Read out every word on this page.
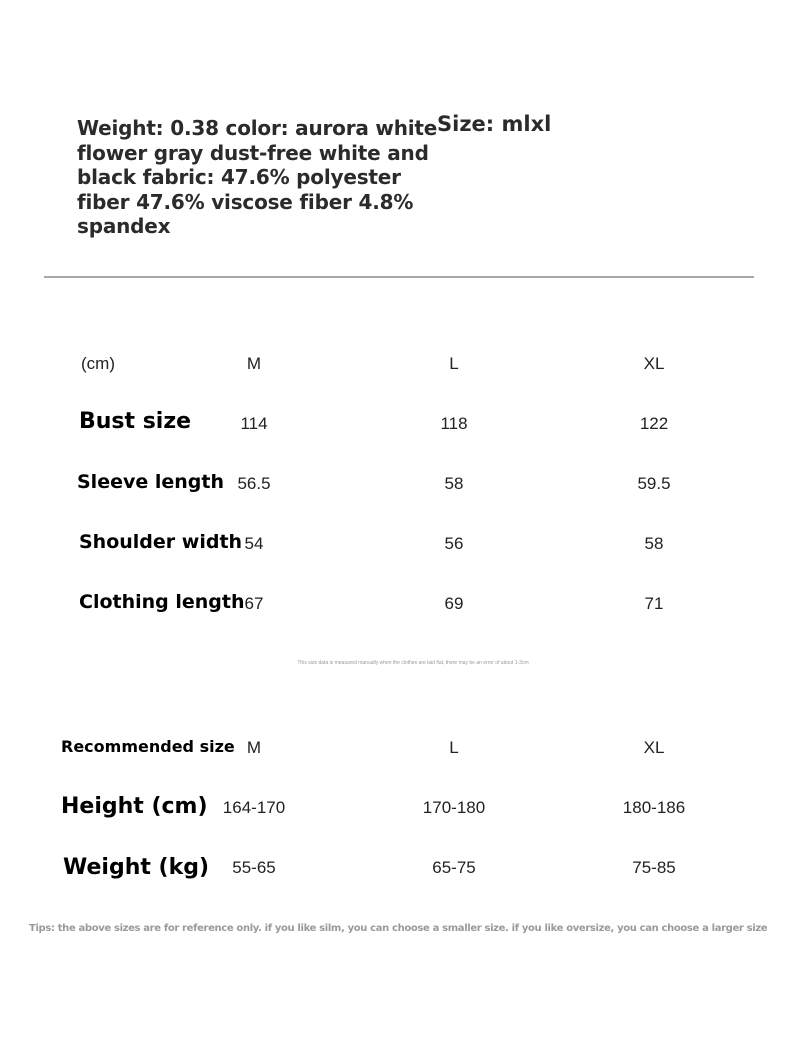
Weight: 0.38 color: aurora white flower gray dust-free white and black fabric: 47.6% polyester fiber 47.6% viscose fiber 4.8% spandex
Size: mlxl
(cm)	M	L	XL
Bust size	114	118	122
Sleeve length 56.5	58	59.5
Shoulder width 54	56	58
Clothing length 67	69	71
This size data is measured manually when the clothes are laid flat, there may be an error of about 1-3cm
Recommended size M	L	XL
Height (cm) 164-170	170-180	180-186
Weight (kg) 55-65	65-75	75-85
Tips: the above sizes are for reference only. if you like silm, you can choose a smaller size. if you like oversize, you can choose a larger size
